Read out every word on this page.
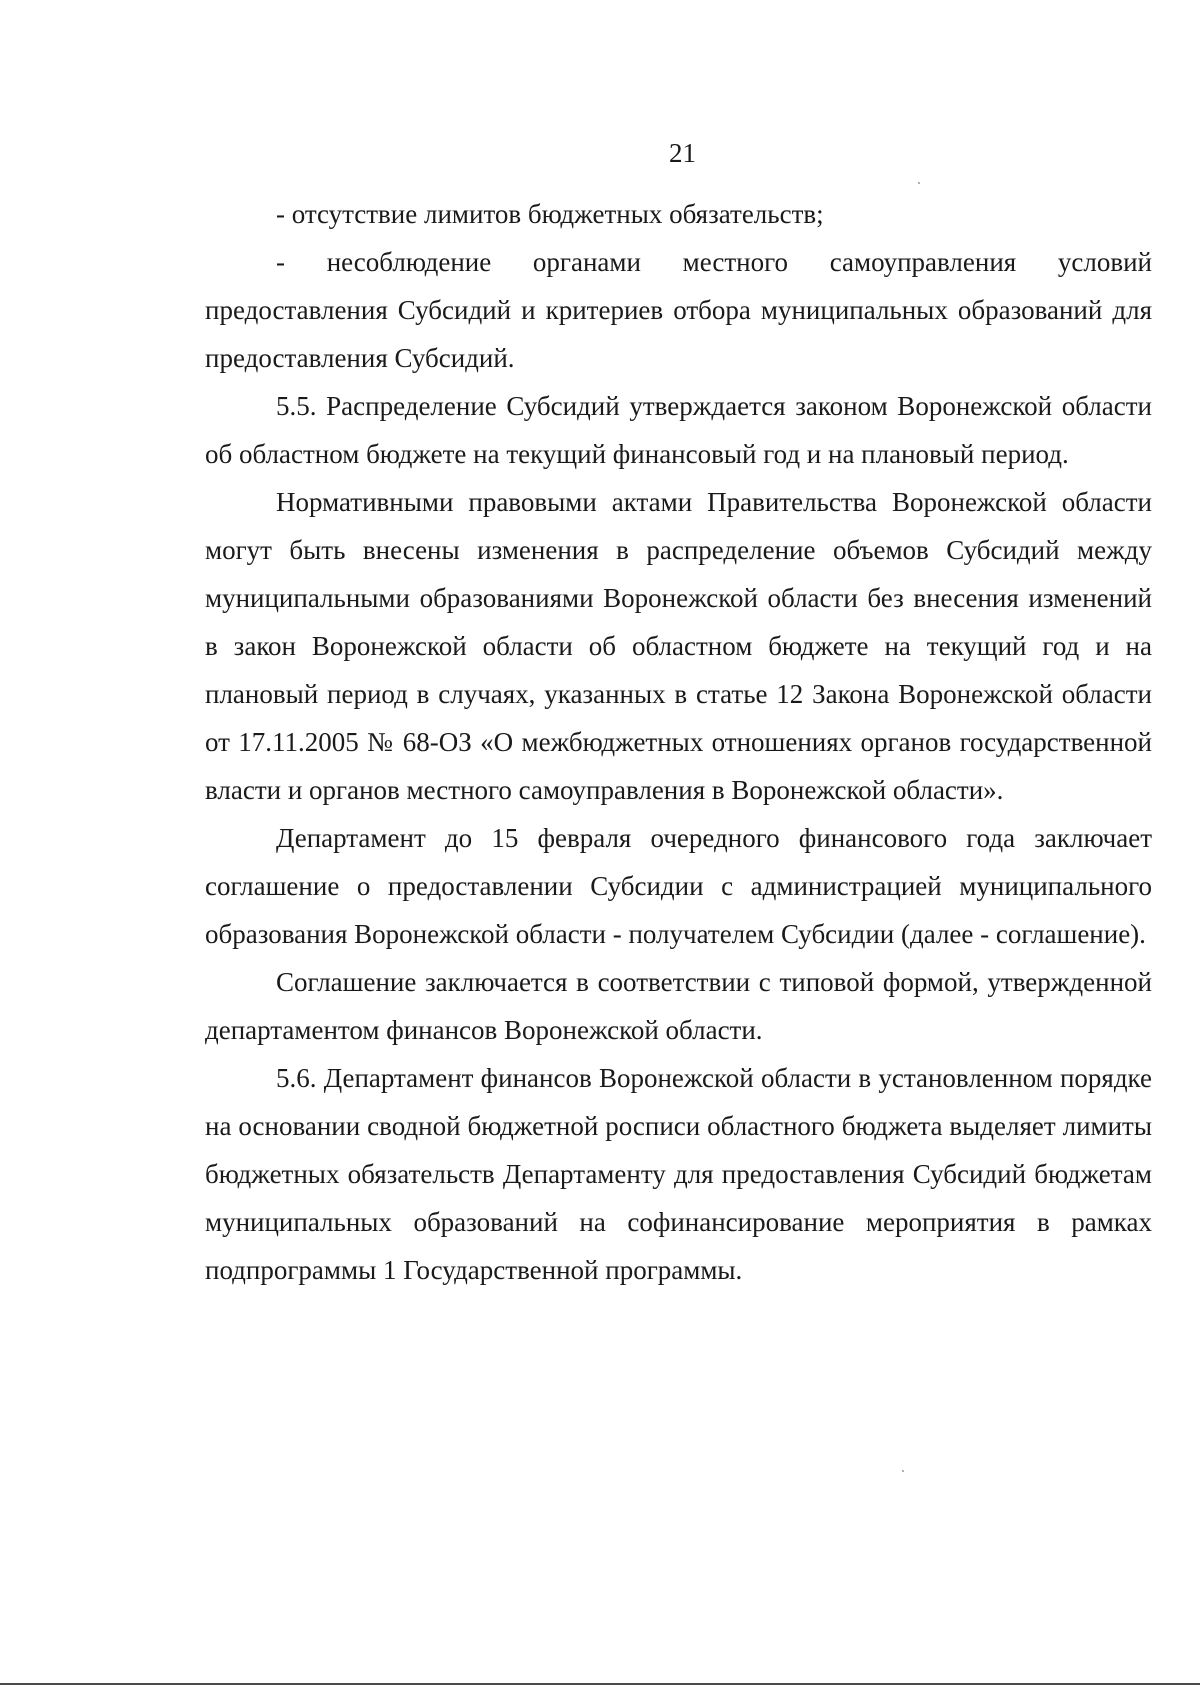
21

- отсутствие лимитов бюджетных обязательств;

- несоблюдение органами местного самоуправления условий предоставления Субсидий и критериев отбора муниципальных образований для предоставления Субсидий.

5.5. Распределение Субсидий утверждается законом Воронежской области об областном бюджете на текущий финансовый год и на плановый период.

Нормативными правовыми актами Правительства Воронежской области могут быть внесены изменения в распределение объемов Субсидий между муниципальными образованиями Воронежской области без внесения изменений в закон Воронежской области об областном бюджете на текущий год и на плановый период в случаях, указанных в статье 12 Закона Воронежской области от 17.11.2005 № 68-ОЗ «О межбюджетных отношениях органов государственной власти и органов местного самоуправления в Воронежской области».

Департамент до 15 февраля очередного финансового года заключает соглашение о предоставлении Субсидии с администрацией муниципального образования Воронежской области - получателем Субсидии (далее - соглашение).

Соглашение заключается в соответствии с типовой формой, утвержденной департаментом финансов Воронежской области.

5.6. Департамент финансов Воронежской области в установленном порядке на основании сводной бюджетной росписи областного бюджета выделяет лимиты бюджетных обязательств Департаменту для предоставления Субсидий бюджетам муниципальных образований на софинансирование мероприятия в рамках подпрограммы 1 Государственной программы.
